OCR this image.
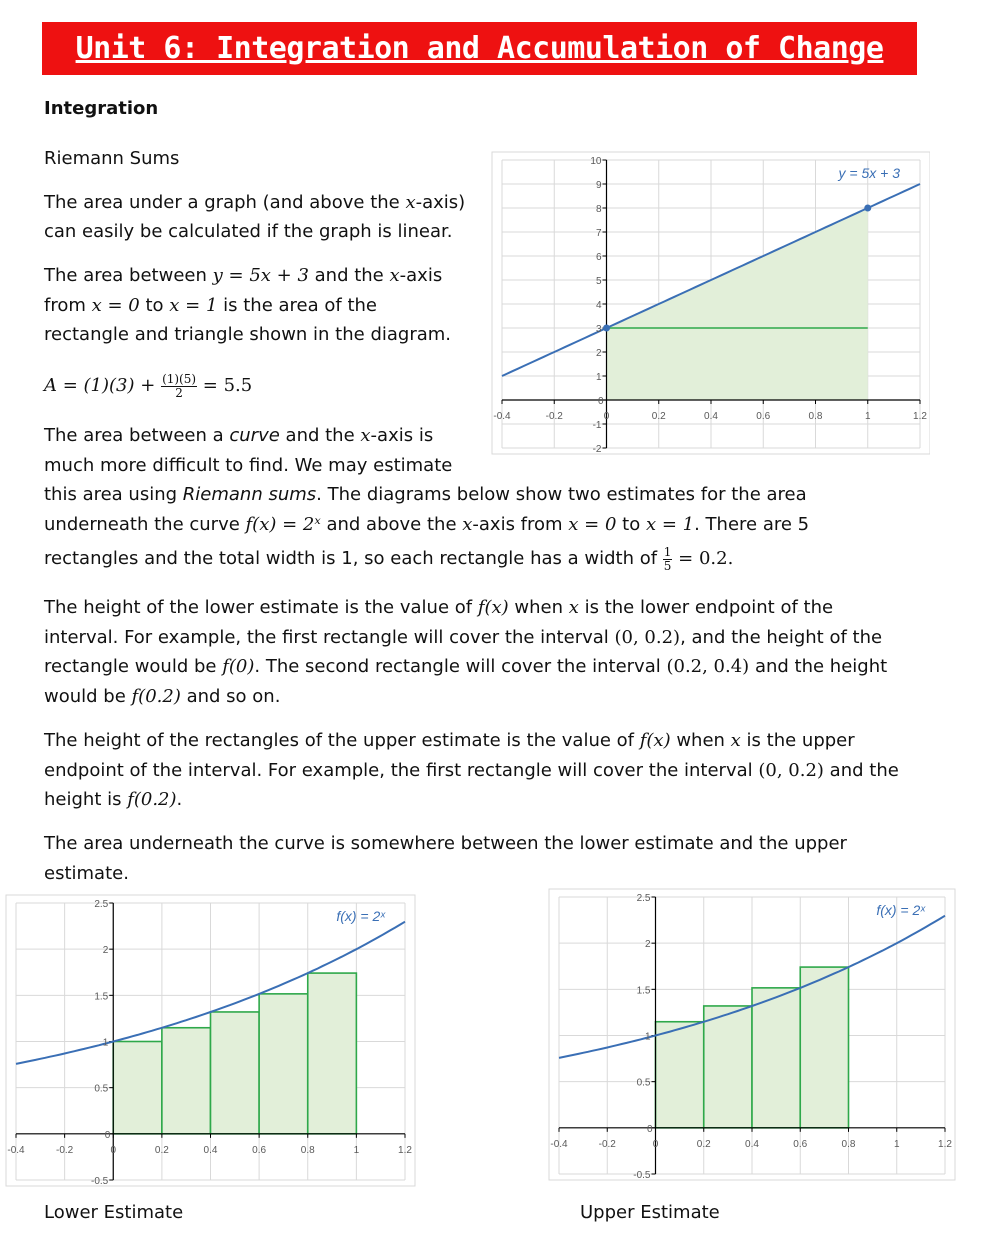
Unit 6: Integration and Accumulation of Change
Integration
Riemann Sums
The area under a graph (and above the x-axis)
can easily be calculated if the graph is linear.
The area between y = 5x + 3 and the x-axis
from x = 0 to x = 1 is the area of the
rectangle and triangle shown in the diagram.
$A = (1)(3) + \frac{(1)(5)}{2} = 5.5$
The area between a curve and the x-axis is
much more difficult to find. We may estimate
this area using Riemann sums. The diagrams below show two estimates for the area
underneath the curve f(x) = 2ˣ and above the x-axis from x = 0 to x = 1. There are 5
rectangles and the total width is 1, so each rectangle has a width of $\frac{1}{5} = 0.2$.
The height of the lower estimate is the value of f(x) when x is the lower endpoint of the
interval. For example, the first rectangle will cover the interval (0, 0.2), and the height of the
rectangle would be f(0). The second rectangle will cover the interval (0.2, 0.4) and the height
would be f(0.2) and so on.
The height of the rectangles of the upper estimate is the value of f(x) when x is the upper
endpoint of the interval. For example, the first rectangle will cover the interval (0, 0.2) and the
height is f(0.2).
The area underneath the curve is somewhere between the lower estimate and the upper
estimate.
-0.4	-0.2	0	0.2	0.4	0.6	0.8	1	1.2
-2
-1
0
1
2
3
4
5
6
7
8
9
10
y = 5x + 3
-0.4	-0.2	0	0.2	0.4	0.6	0.8	1	1.2
-0.5
0
0.5
1
1.5
2
2.5
f(x) = 2ˣ
-0.4	-0.2	0	0.2	0.4	0.6	0.8	1	1.2
-0.5
0
0.5
1
1.5
2
2.5
f(x) = 2ˣ
Lower Estimate	Upper Estimate
